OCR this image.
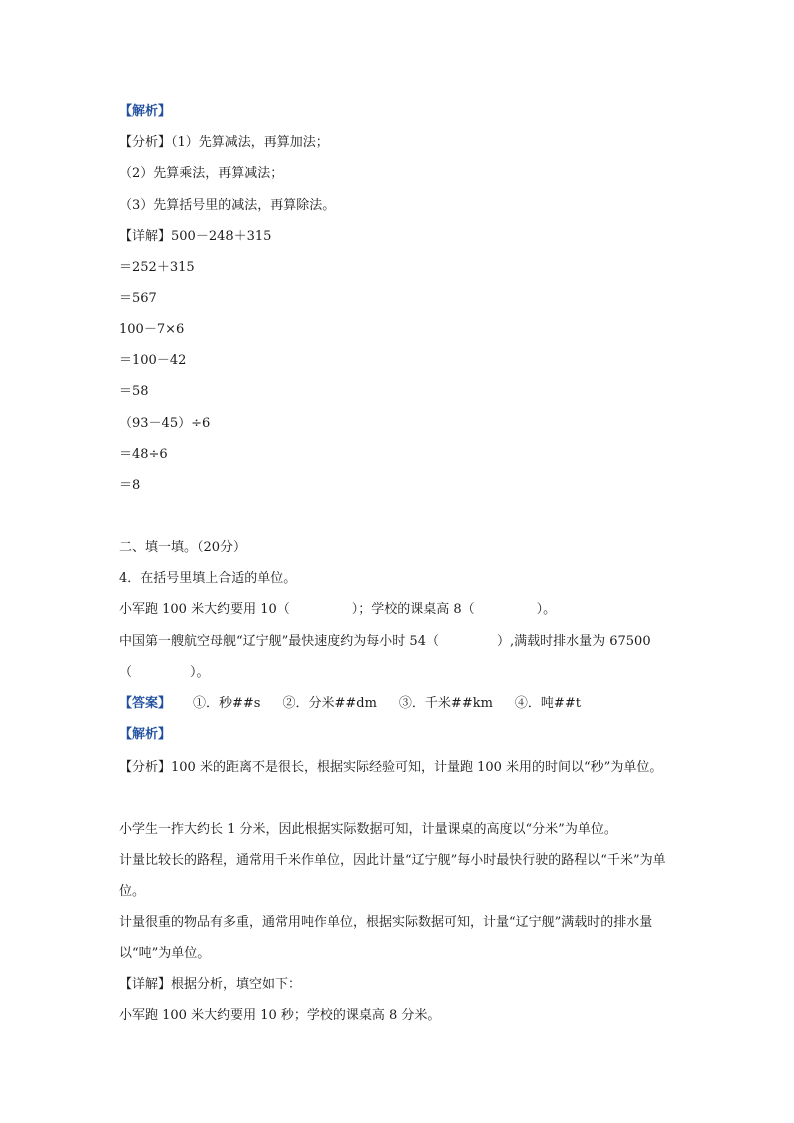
【解析】
【分析】（1）先算减法，再算加法；
（2）先算乘法，再算减法；
（3）先算括号里的减法，再算除法。
【详解】500－248＋315
＝252＋315
＝567
100－7×6
＝100－42
＝58
（93－45）÷6
＝48÷6
＝8
二、填一填。（20分）
4．在括号里填上合适的单位。
小军跑 100 米大约要用 10（	）；学校的课桌高 8（	）。
中国第一艘航空母舰“辽宁舰”最快速度约为每小时 54（	）,满载时排水量为 67500
（	）。
【答案】 ①．秒##s ②．分米##dm ③．千米##km ④．吨##t
【解析】
【分析】100 米的距离不是很长，根据实际经验可知，计量跑 100 米用的时间以“秒”为单位。
小学生一拃大约长 1 分米，因此根据实际数据可知，计量课桌的高度以“分米”为单位。
计量比较长的路程，通常用千米作单位，因此计量“辽宁舰”每小时最快行驶的路程以“千米”为单位。
计量很重的物品有多重，通常用吨作单位，根据实际数据可知，计量“辽宁舰”满载时的排水量以“吨”为单位。
【详解】根据分析，填空如下：
小军跑 100 米大约要用 10 秒；学校的课桌高 8 分米。
